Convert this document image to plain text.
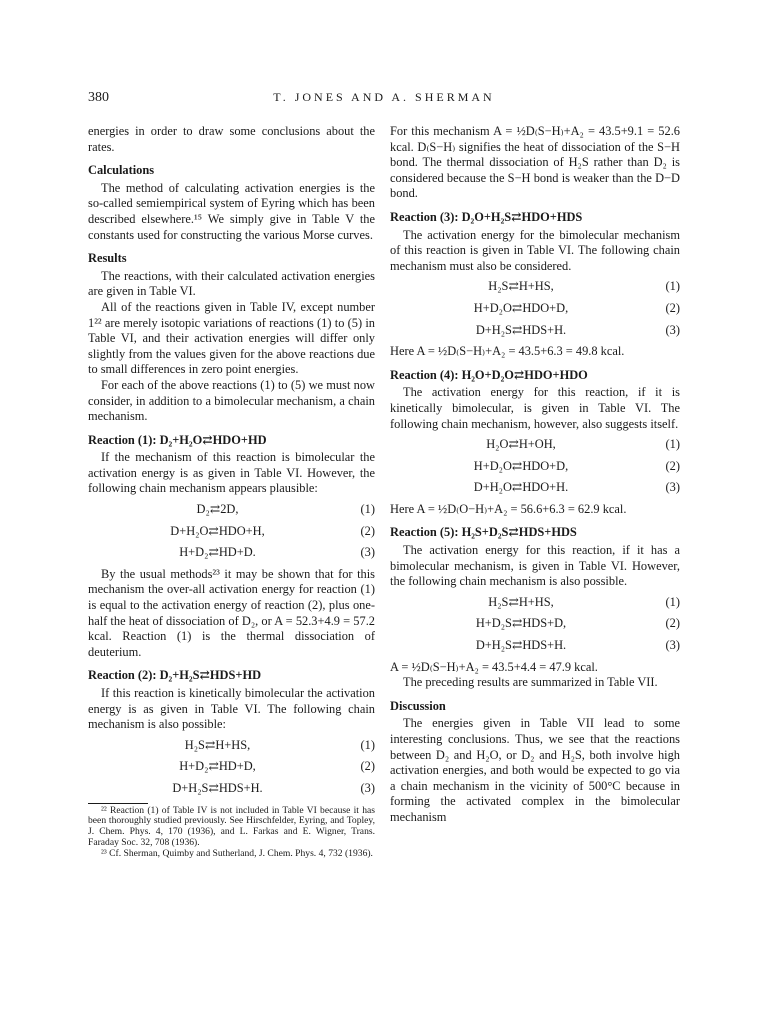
380	T. JONES AND A. SHERMAN

energies in order to draw some conclusions about the rates.

Calculations

The method of calculating activation energies is the so-called semiempirical system of Eyring which has been described elsewhere.¹⁵ We simply give in Table V the constants used for constructing the various Morse curves.

Results

The reactions, with their calculated activation energies are given in Table VI.

All of the reactions given in Table IV, except number 1²² are merely isotopic variations of reactions (1) to (5) in Table VI, and their activation energies will differ only slightly from the values given for the above reactions due to small differences in zero point energies.

For each of the above reactions (1) to (5) we must now consider, in addition to a bimolecular mechanism, a chain mechanism.

Reaction (1): D₂+H₂O⇄HDO+HD

If the mechanism of this reaction is bimolecular the activation energy is as given in Table VI. However, the following chain mechanism appears plausible:

D₂⇄2D,	(1)
D+H₂O⇄HDO+H,	(2)
H+D₂⇄HD+D.	(3)

By the usual methods²³ it may be shown that for this mechanism the over-all activation energy for reaction (1) is equal to the activation energy of reaction (2), plus one-half the heat of dissociation of D₂, or A = 52.3+4.9 = 57.2 kcal. Reaction (1) is the thermal dissociation of deuterium.

Reaction (2): D₂+H₂S⇄HDS+HD

If this reaction is kinetically bimolecular the activation energy is as given in Table VI. The following chain mechanism is also possible:

H₂S⇄H+HS,	(1)
H+D₂⇄HD+D,	(2)
D+H₂S⇄HDS+H.	(3)

²² Reaction (1) of Table IV is not included in Table VI because it has been thoroughly studied previously. See Hirschfelder, Eyring, and Topley, J. Chem. Phys. 4, 170 (1936), and L. Farkas and E. Wigner, Trans. Faraday Soc. 32, 708 (1936).

²³ Cf. Sherman, Quimby and Sutherland, J. Chem. Phys. 4, 732 (1936).

For this mechanism A = ½D₍S−H₎+A₂ = 43.5+9.1 = 52.6 kcal. D₍S−H₎ signifies the heat of dissociation of the S−H bond. The thermal dissociation of H₂S rather than D₂ is considered because the S−H bond is weaker than the D−D bond.

Reaction (3): D₂O+H₂S⇄HDO+HDS

The activation energy for the bimolecular mechanism of this reaction is given in Table VI. The following chain mechanism must also be considered.

H₂S⇄H+HS,	(1)
H+D₂O⇄HDO+D,	(2)
D+H₂S⇄HDS+H.	(3)

Here A = ½D₍S−H₎+A₂ = 43.5+6.3 = 49.8 kcal.

Reaction (4): H₂O+D₂O⇄HDO+HDO

The activation energy for this reaction, if it is kinetically bimolecular, is given in Table VI. The following chain mechanism, however, also suggests itself.

H₂O⇄H+OH,	(1)
H+D₂O⇄HDO+D,	(2)
D+H₂O⇄HDO+H.	(3)

Here A = ½D₍O−H₎+A₂ = 56.6+6.3 = 62.9 kcal.

Reaction (5): H₂S+D₂S⇄HDS+HDS

The activation energy for this reaction, if it has a bimolecular mechanism, is given in Table VI. However, the following chain mechanism is also possible.

H₂S⇄H+HS,	(1)
H+D₂S⇄HDS+D,	(2)
D+H₂S⇄HDS+H.	(3)

A = ½D₍S−H₎+A₂ = 43.5+4.4 = 47.9 kcal.

The preceding results are summarized in Table VII.

Discussion

The energies given in Table VII lead to some interesting conclusions. Thus, we see that the reactions between D₂ and H₂O, or D₂ and H₂S, both involve high activation energies, and both would be expected to go via a chain mechanism in the vicinity of 500°C because in forming the activated complex in the bimolecular mechanism
